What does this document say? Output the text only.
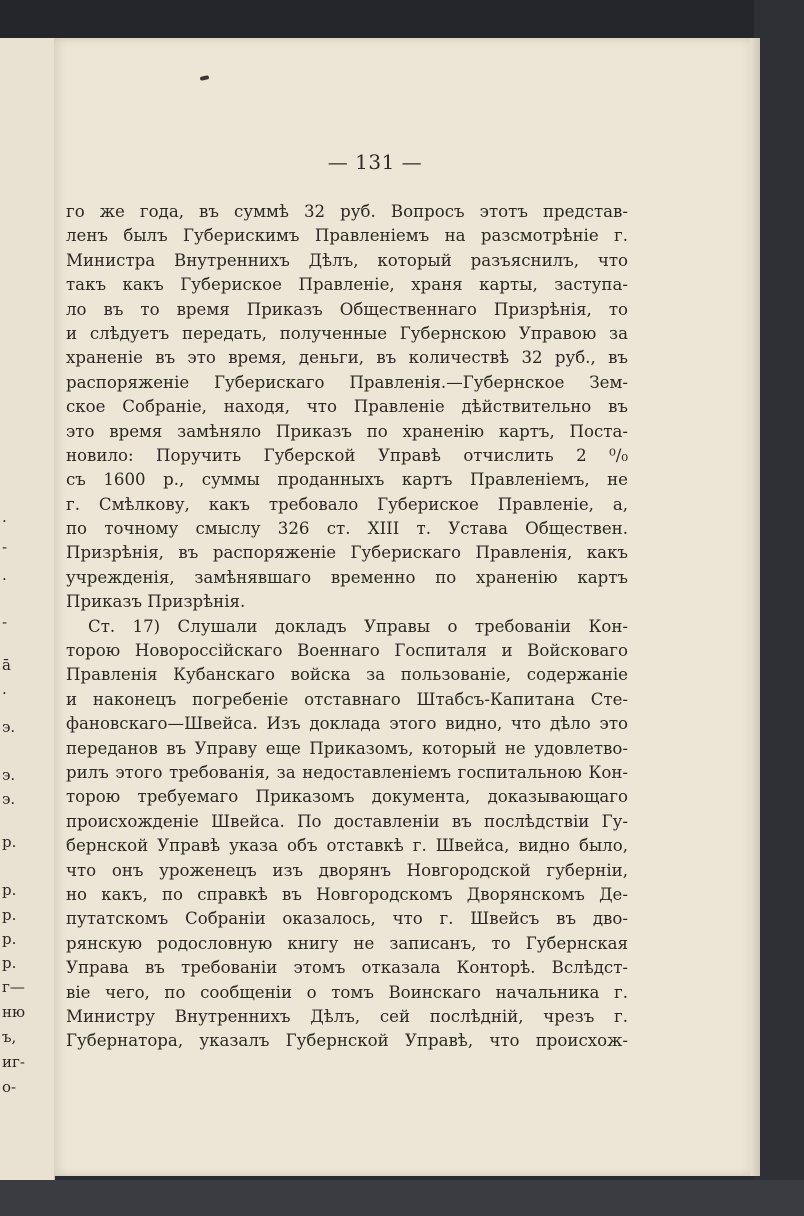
.
-
.
-
ā
.
э.
э.
э.
р.
р.
р.
р.
р.
г—
ню
ъ,
иг-
о-
— 131 —
го же года, въ суммѣ 32 руб. Вопросъ этотъ представ-
ленъ былъ Губерискимъ Правленіемъ на разсмотрѣніе г.
Министра Внутреннихъ Дѣлъ, который разъяснилъ, что
такъ какъ Губериское Правленіе, храня карты, заступа-
ло въ то время Приказъ Общественнаго Призрѣнія, то
и слѣдуетъ передать, полученные Губернскою Управою за
храненіе въ это время, деньги, въ количествѣ 32 руб., въ
распоряженіе Губерискаго Правленія.—Губернское Зем-
ское Собраніе, находя, что Правленіе дѣйствительно въ
это время замѣняло Приказъ по храненію картъ, Поста-
новило: Поручить Губерской Управѣ отчислить 2 ⁰/₀
съ 1600 р., суммы проданныхъ картъ Правленіемъ, не
г. Смѣлкову, какъ требовало Губериское Правленіе, а,
по точному смыслу 326 ст. XIII т. Устава Обществен.
Призрѣнія, въ распоряженіе Губерискаго Правленія, какъ
учрежденія, замѣнявшаго временно по храненію картъ
Приказъ Призрѣнія.
Ст. 17) Слушали докладъ Управы о требованіи Кон-
торою Новороссійскаго Военнаго Госпиталя и Войсковаго
Правленія Кубанскаго войска за пользованіе, содержаніе
и наконецъ погребеніе отставнаго Штабсъ-Капитана Сте-
фановскаго—Швейса. Изъ доклада этого видно, что дѣло это
переданов въ Управу еще Приказомъ, который не удовлетво-
рилъ этого требованія, за недоставленіемъ госпитальною Кон-
торою требуемаго Приказомъ документа, доказывающаго
происхожденіе Швейса. По доставленіи въ послѣдствіи Гу-
бернской Управѣ указа объ отставкѣ г. Швейса, видно было,
что онъ уроженецъ изъ дворянъ Новгородской губерніи,
но какъ, по справкѣ въ Новгородскомъ Дворянскомъ Де-
путатскомъ Собраніи оказалось, что г. Швейсъ въ дво-
рянскую родословную книгу не записанъ, то Губернская
Управа въ требованіи этомъ отказала Конторѣ. Вслѣдст-
віе чего, по сообщеніи о томъ Воинскаго начальника г.
Министру Внутреннихъ Дѣлъ, сей послѣдній, чрезъ г.
Губернатора, указалъ Губернской Управѣ, что происхож-
